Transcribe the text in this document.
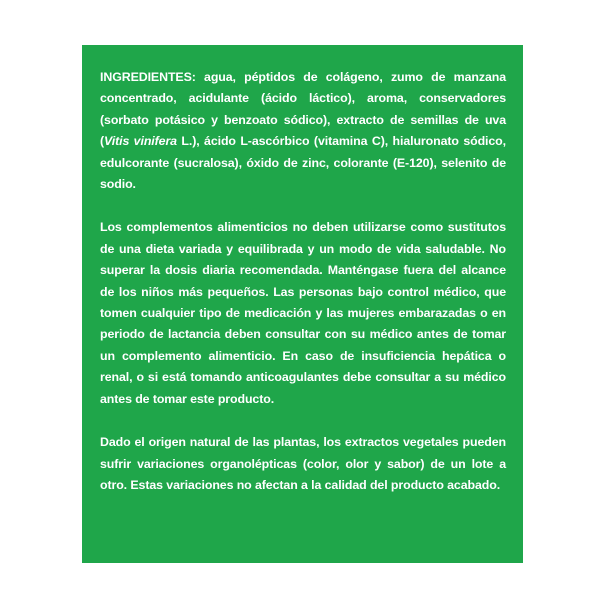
INGREDIENTES: agua, péptidos de colágeno, zumo de manzana concentrado, acidulante (ácido láctico), aroma, conservadores (sorbato potásico y benzoato sódico), extracto de semillas de uva (Vitis vinifera L.), ácido L-ascórbico (vitamina C), hialuronato sódico, edulcorante (sucralosa), óxido de zinc, colorante (E-120), selenito de sodio.

Los complementos alimenticios no deben utilizarse como sustitutos de una dieta variada y equilibrada y un modo de vida saludable. No superar la dosis diaria recomendada. Manténgase fuera del alcance de los niños más pequeños. Las personas bajo control médico, que tomen cualquier tipo de medicación y las mujeres embarazadas o en periodo de lactancia deben consultar con su médico antes de tomar un complemento alimenticio. En caso de insuficiencia hepática o renal, o si está tomando anticoagulantes debe consultar a su médico antes de tomar este producto.

Dado el origen natural de las plantas, los extractos vegetales pueden sufrir variaciones organolépticas (color, olor y sabor) de un lote a otro. Estas variaciones no afectan a la calidad del producto acabado.
